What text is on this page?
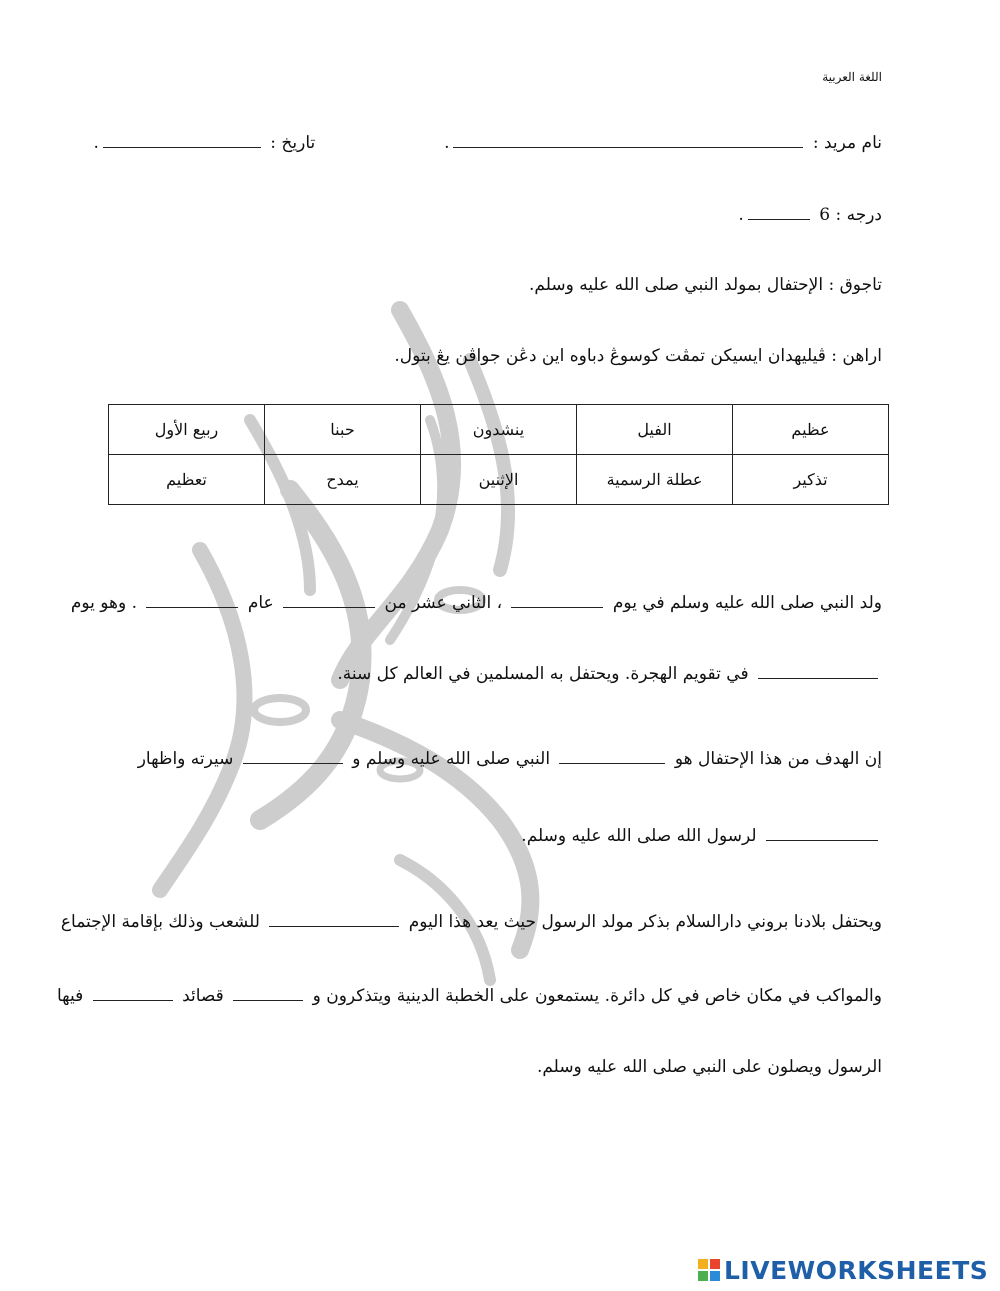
اللغة العربية
نام مريد : .  تاريخ : .
درجه : 6 .
تاجوق : الإحتفال بمولد النبي صلى الله عليه وسلم.
اراهن : ڤيليهدان ايسيكن تمڤت كوسوڠ دباوه اين دڠن جواڤن يڠ بتول.
عظيم	الفيل	ينشدون	حبنا	ربيع الأول
تذكير	عطلة الرسمية	الإثنين	يمدح	تعظيم
ولد النبي صلى الله عليه وسلم في يوم  ، الثاني عشر من  عام  . وهو يوم
في تقويم الهجرة. ويحتفل به المسلمين في العالم كل سنة.
إن الهدف من هذا الإحتفال هو  النبي صلى الله عليه وسلم و  سيرته واظهار
لرسول الله صلى الله عليه وسلم.
ويحتفل بلادنا بروني دارالسلام بذكر مولد الرسول حيث يعد هذا اليوم  للشعب وذلك بإقامة الإجتماع
والمواكب في مكان خاص في كل دائرة. يستمعون على الخطبة الدينية ويتذكرون و  قصائد  فيها
الرسول ويصلون على النبي صلى الله عليه وسلم.
LIVEWORKSHEETS
